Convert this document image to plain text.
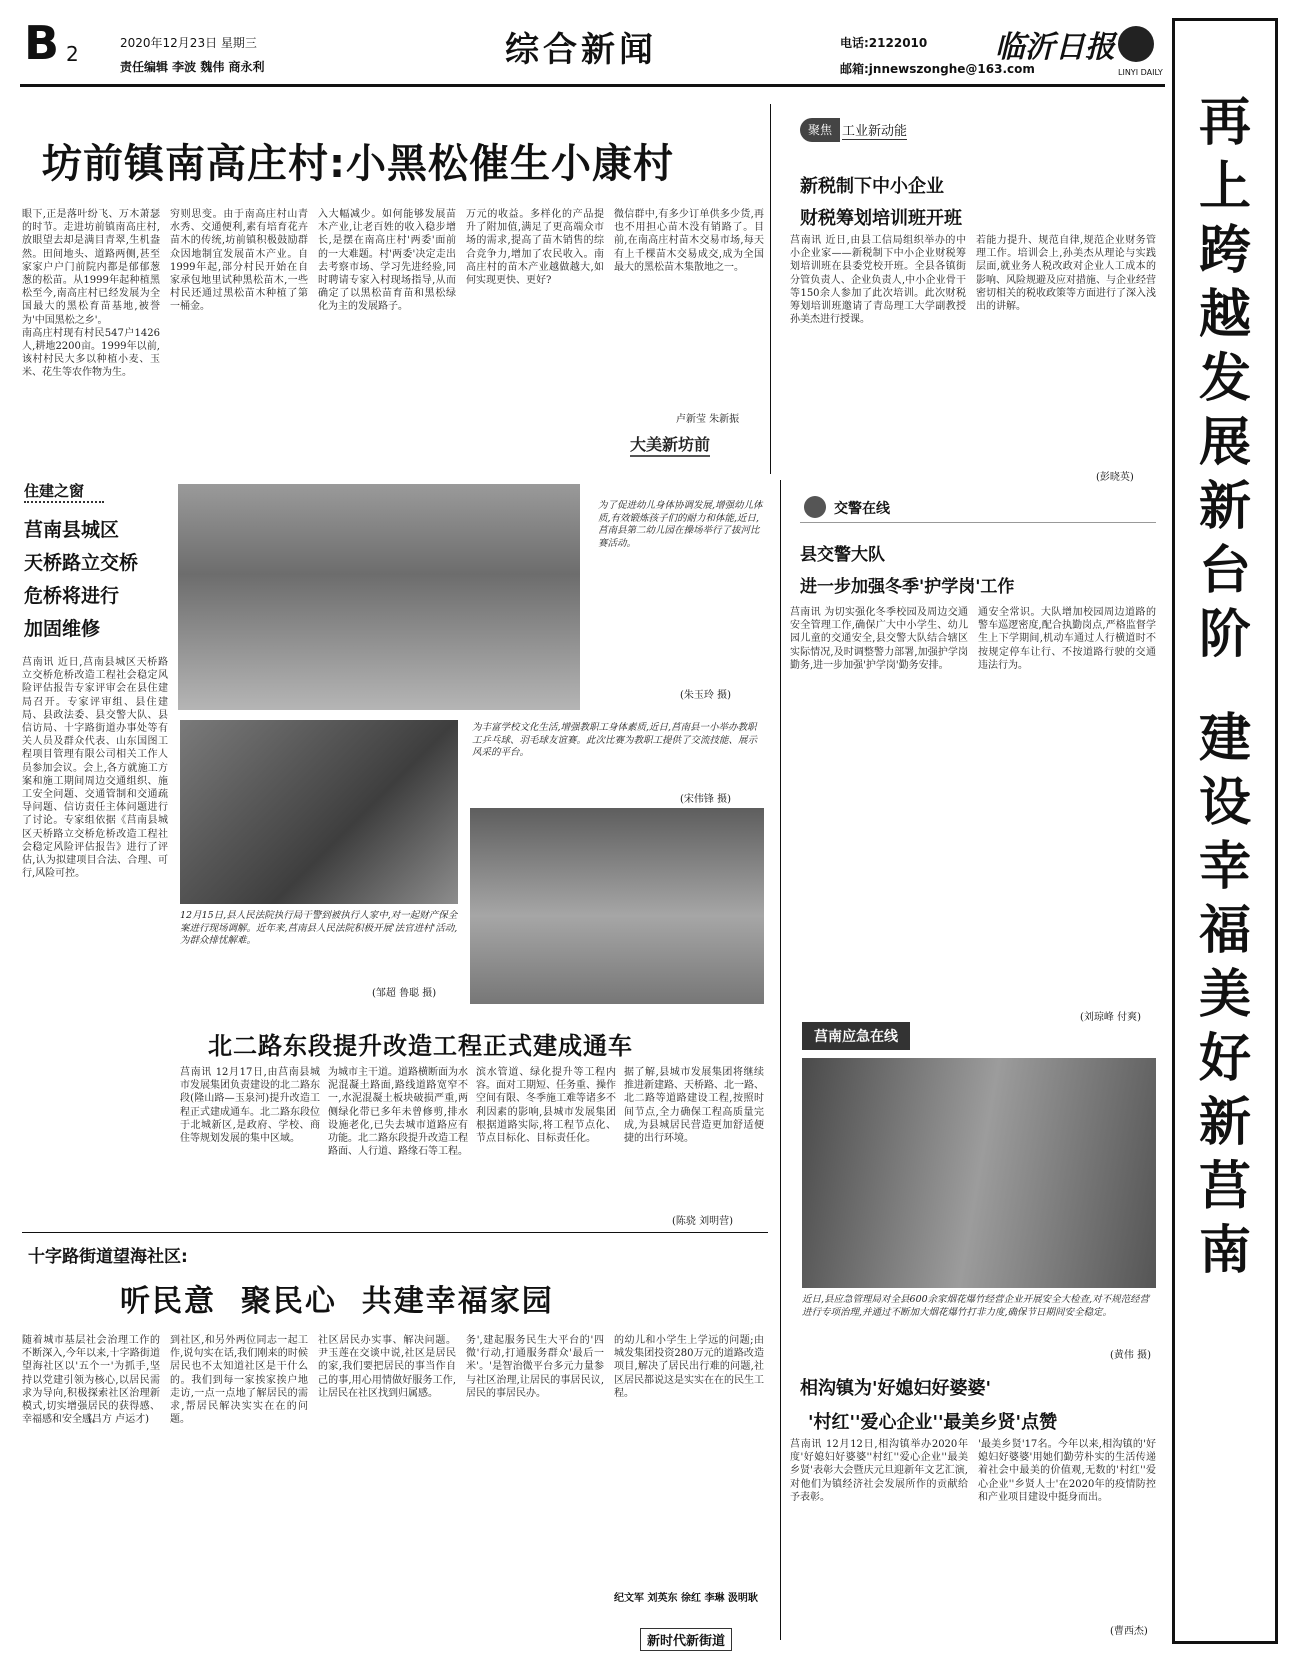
B 2	2020年12月23日 星期三
责任编辑 李波 魏伟 商永利	综合新闻	电话:2122010
邮箱:jnnewszonghe@163.com
临沂日报
LINYI DAILY
再
上
跨
越
发
展
新
台
阶

建
设
幸
福
美
好
新
莒
南
坊前镇南高庄村:小黑松催生小康村
眼下,正是落叶纷飞、万木萧瑟的时节。走进坊前镇南高庄村,放眼望去却是满目青翠,生机盎然。田间地头、道路两侧,甚至家家户户门前院内都是郁郁葱葱的松苗。从1999年起种植黑松至今,南高庄村已经发展为全国最大的黑松育苗基地,被誉为'中国黑松之乡'。
南高庄村现有村民547户1426人,耕地2200亩。1999年以前,该村村民大多以种植小麦、玉米、花生等农作物为生。
穷则思变。由于南高庄村山青水秀、交通便利,素有培育花卉苗木的传统,坊前镇积极鼓励群众因地制宜发展苗木产业。自1999年起,部分村民开始在自家承包地里试种黑松苗木,一些村民还通过黑松苗木种植了第一桶金。
入大幅减少。如何能够发展苗木产业,让老百姓的收入稳步增长,是摆在南高庄村'两委'面前的一大难题。村'两委'决定走出去考察市场、学习先进经验,同时聘请专家入村现场指导,从而确定了以黑松苗育苗和黑松绿化为主的发展路子。
万元的收益。多样化的产品提升了附加值,满足了更高端众市场的需求,提高了苗木销售的综合竞争力,增加了农民收入。南高庄村的苗木产业越做越大,如何实现更快、更好?
微信群中,有多少订单供多少货,再也不用担心苗木没有销路了。目前,在南高庄村苗木交易市场,每天有上千棵苗木交易成交,成为全国最大的黑松苗木集散地之一。
卢新莹 朱新振
大美新坊前
聚焦 工业新动能
新税制下中小企业
财税筹划培训班开班
莒南讯 近日,由县工信局组织举办的中小企业家——新税制下中小企业财税筹划培训班在县委党校开班。全县各镇街分管负责人、企业负责人,中小企业骨干等150余人参加了此次培训。此次财税筹划培训班邀请了青岛理工大学副教授孙美杰进行授课。
若能力提升、规范自律,规范企业财务管理工作。培训会上,孙美杰从理论与实践层面,就业务人税改政对企业人工成本的影响、风险规避及应对措施、与企业经营密切相关的税收政策等方面进行了深入浅出的讲解。
(彭晓英)
交警在线
县交警大队
进一步加强冬季'护学岗'工作
莒南讯 为切实强化冬季校园及周边交通安全管理工作,确保广大中小学生、幼儿园儿童的交通安全,县交警大队结合辖区实际情况,及时调整警力部署,加强护学岗勤务,进一步加强'护学岗'勤务安排。
通安全常识。大队增加校园周边道路的警车巡逻密度,配合执勤岗点,严格监督学生上下学期间,机动车通过人行横道时不按规定停车让行、不按道路行驶的交通违法行为。
(刘琼峰 付爽)
住建之窗
莒南县城区
天桥路立交桥
危桥将进行
加固维修
莒南讯 近日,莒南县城区天桥路立交桥危桥改造工程社会稳定风险评估报告专家评审会在县住建局召开。专家评审组、县住建局、县政法委、县交警大队、县信访局、十字路街道办事处等有关人员及群众代表、山东国图工程项目管理有限公司相关工作人员参加会议。会上,各方就施工方案和施工期间周边交通组织、施工安全问题、交通管制和交通疏导问题、信访责任主体问题进行了讨论。专家组依据《莒南县城区天桥路立交桥危桥改造工程社会稳定风险评估报告》进行了评估,认为拟建项目合法、合理、可行,风险可控。
(吕方 卢运才)
为了促进幼儿身体协调发展,增强幼儿体质,有效锻炼孩子们的耐力和体能,近日,莒南县第二幼儿园在操场举行了拔河比赛活动。
(朱玉玲 摄)
12月15日,县人民法院执行局干警到被执行人家中,对一起财产保全案进行现场调解。近年来,莒南县人民法院积极开展'法官进村'活动,为群众排忧解难。
(邹超 鲁聪 摄)
为丰富学校文化生活,增强教职工身体素质,近日,莒南县一小举办教职工乒乓球、羽毛球友谊赛。此次比赛为教职工提供了交流技能、展示风采的平台。
(宋伟锋 摄)
北二路东段提升改造工程正式建成通车
莒南讯 12月17日,由莒南县城市发展集团负责建设的北二路东段(隆山路—玉泉河)提升改造工程正式建成通车。北二路东段位于北城新区,是政府、学校、商住等规划发展的集中区域。
为城市主干道。道路横断面为水泥混凝土路面,路线道路宽窄不一,水泥混凝土板块破损严重,两侧绿化带已多年未曾修剪,排水设施老化,已失去城市道路应有功能。北二路东段提升改造工程路面、人行道、路缘石等工程。
滨水管道、绿化提升等工程内容。面对工期短、任务重、操作空间有限、冬季施工难等诸多不利因素的影响,县城市发展集团根据道路实际,将工程节点化、节点目标化、目标责任化。
据了解,县城市发展集团将继续推进新建路、天桥路、北一路、北二路等道路建设工程,按照时间节点,全力确保工程高质量完成,为县城居民营造更加舒适便捷的出行环境。
(陈骁 刘明营)
莒南应急在线
近日,县应急管理局对全县600余家烟花爆竹经营企业开展安全大检查,对不规范经营进行专项治理,并通过不断加大烟花爆竹打非力度,确保节日期间安全稳定。
(黄伟 摄)
相沟镇为'好媳妇好婆婆'
'村红''爱心企业''最美乡贤'点赞
莒南讯 12月12日,相沟镇举办2020年度'好媳妇好婆婆''村红''爱心企业''最美乡贤'表彰大会暨庆元旦迎新年文艺汇演,对他们为镇经济社会发展所作的贡献给予表彰。
'最美乡贤'17名。今年以来,相沟镇的'好媳妇好婆婆'用她们勤劳朴实的生活传递着社会中最美的价值观,无数的'村红''爱心企业''乡贤人士'在2020年的疫情防控和产业项目建设中挺身而出。
(曹西杰)
十字路街道望海社区:
听民意  聚民心  共建幸福家园
随着城市基层社会治理工作的不断深入,今年以来,十字路街道望海社区以'五个一'为抓手,坚持以党建引领为核心,以居民需求为导向,积极探索社区治理新模式,切实增强居民的获得感、幸福感和安全感。
到社区,和另外两位同志一起工作,说句实在话,我们刚来的时候居民也不太知道社区是干什么的。我们到每一家挨家挨户地走访,一点一点地了解居民的需求,帮居民解决实实在在的问题。
社区居民办实事、解决问题。尹玉莲在交谈中说,社区是居民的家,我们要把居民的事当作自己的事,用心用情做好服务工作,让居民在社区找到归属感。
务',建起服务民生大平台的'四微'行动,打通服务群众'最后一米'。'是智治微平台多元力量参与社区治理,让居民的事居民议,居民的事居民办。
的幼儿和小学生上学远的问题;由城发集团投资280万元的道路改造项目,解决了居民出行难的问题,社区居民都说这是实实在在的民生工程。
纪文军 刘英东 徐红 李琳 汲明耿
新时代新街道
